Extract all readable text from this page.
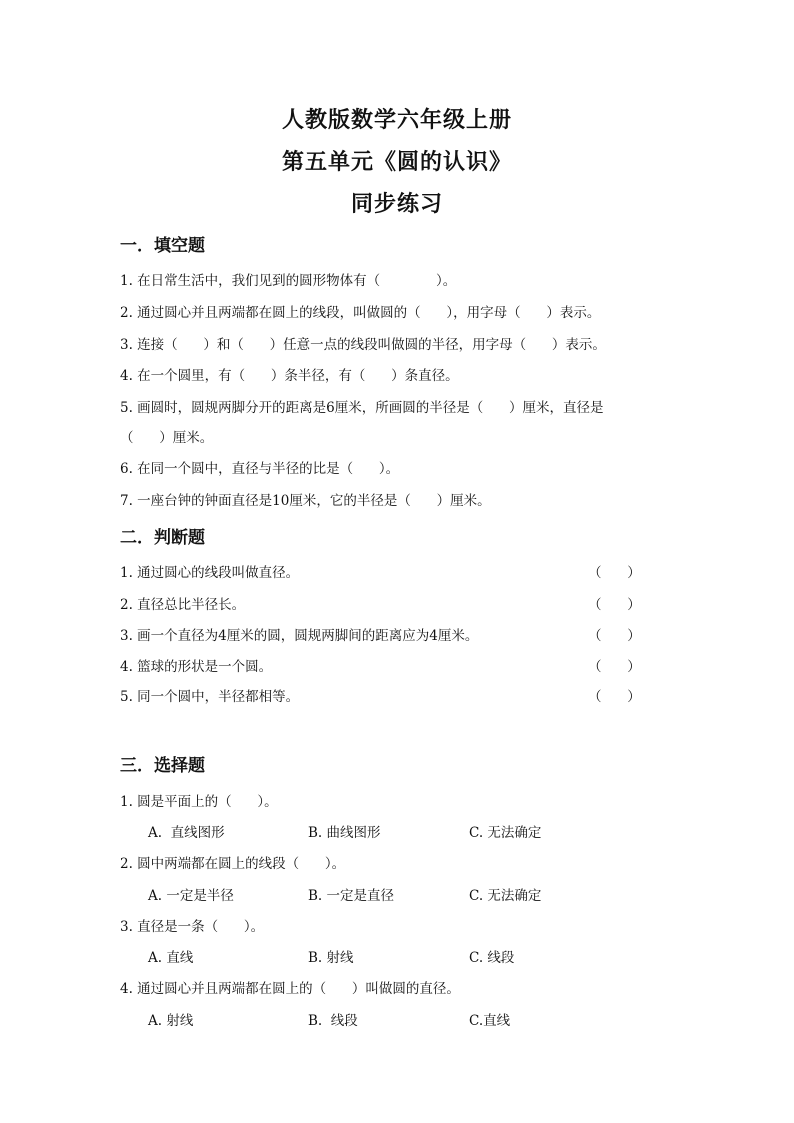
人教版数学六年级上册
第五单元《圆的认识》
同步练习
一．填空题
1. 在日常生活中，我们见到的圆形物体有（             ）。
2. 通过圆心并且两端都在圆上的线段，叫做圆的（      ），用字母（      ）表示。
3. 连接（      ）和（      ）任意一点的线段叫做圆的半径，用字母（      ）表示。
4. 在一个圆里，有（      ）条半径，有（      ）条直径。
5. 画圆时，圆规两脚分开的距离是6厘米，所画圆的半径是（      ）厘米，直径是
（      ）厘米。
6. 在同一个圆中，直径与半径的比是（      ）。
7. 一座台钟的钟面直径是10厘米，它的半径是（      ）厘米。
二．判断题
1. 通过圆心的线段叫做直径。	（      ）
2. 直径总比半径长。	（      ）
3. 画一个直径为4厘米的圆，圆规两脚间的距离应为4厘米。	（      ）
4. 篮球的形状是一个圆。	（      ）
5. 同一个圆中，半径都相等。	（      ）
三．选择题
1. 圆是平面上的（      ）。
A.  直线图形	B. 曲线图形	C. 无法确定
2. 圆中两端都在圆上的线段（      ）。
A. 一定是半径	B. 一定是直径	C. 无法确定
3. 直径是一条（      ）。
A. 直线	B. 射线	C. 线段
4. 通过圆心并且两端都在圆上的（      ）叫做圆的直径。
A. 射线	B.  线段	C.直线
